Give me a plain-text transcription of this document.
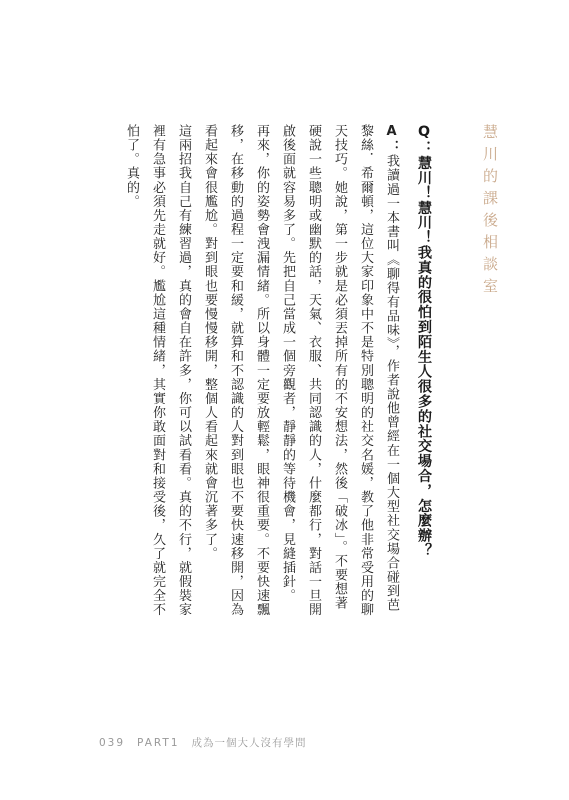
慧川的課後相談室
Q：慧川！慧川！我真的很怕到陌生人很多的社交場合，怎麼辦？
A：我讀過一本書叫《聊得有品味》，作者說他曾經在一個大型社交場合碰到芭
黎絲．希爾頓，這位大家印象中不是特別聰明的社交名媛，教了他非常受用的聊
天技巧。她說，第一步就是必須丟掉所有的不安想法，然後「破冰」。不要想著
硬說一些聰明或幽默的話，天氣、衣服、共同認識的人，什麼都行，對話一旦開
啟後面就容易多了。先把自己當成一個旁觀者，靜靜的等待機會，見縫插針。
再來，你的姿勢會洩漏情緒。所以身體一定要放輕鬆，眼神很重要。不要快速飄
移，在移動的過程一定要和緩，就算和不認識的人對到眼也不要快速移開，因為
看起來會很尷尬。對到眼也要慢慢移開，整個人看起來就會沉著多了。
這兩招我自己有練習過，真的會自在許多，你可以試看看。真的不行，就假裝家
裡有急事必須先走就好。尷尬這種情緒，其實你敢面對和接受後，久了就完全不
怕了。真的。
039 PART1 成為一個大人沒有學問
